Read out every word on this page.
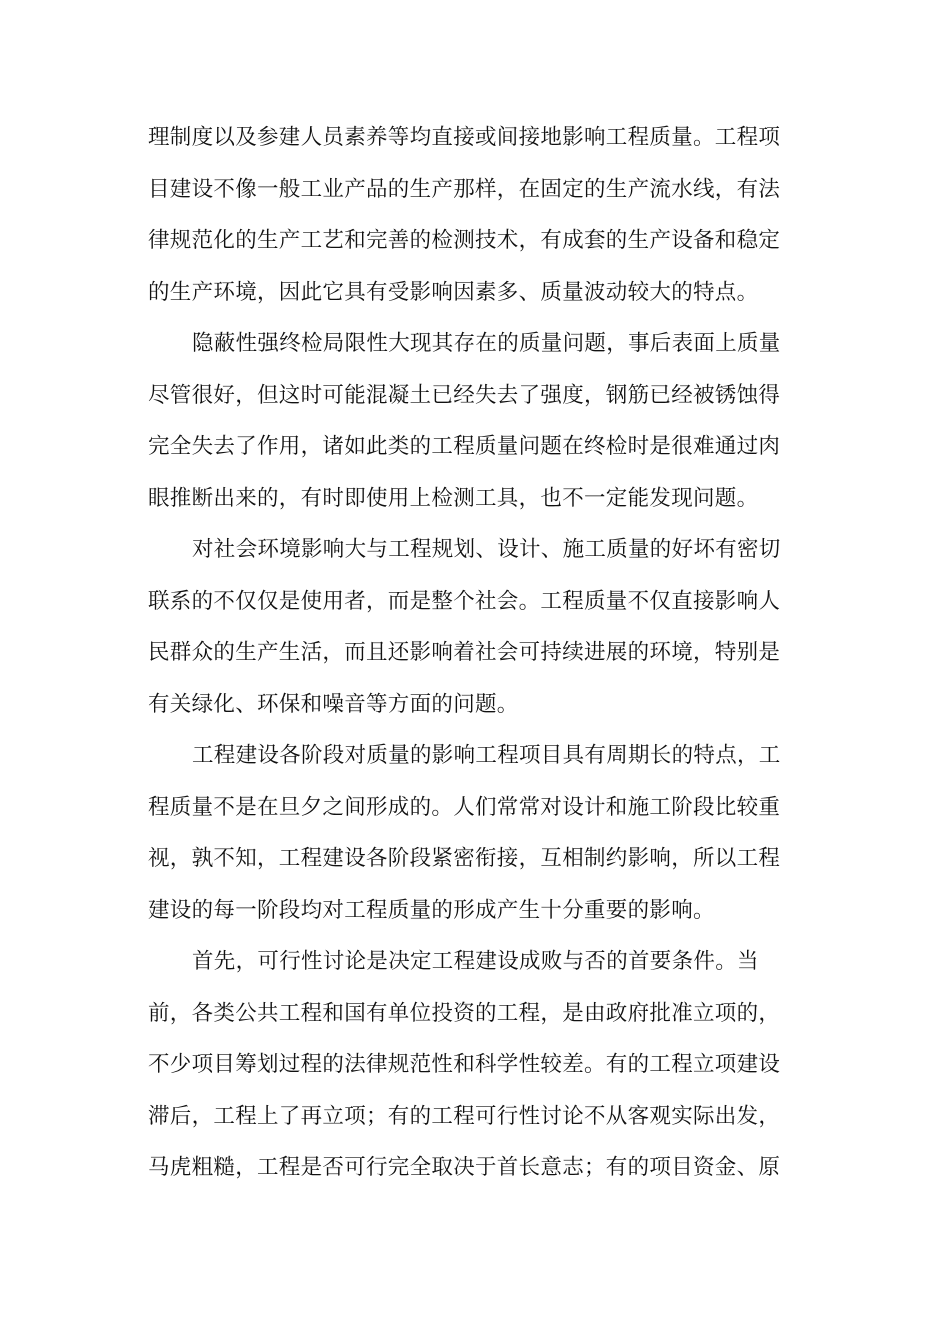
理制度以及参建人员素养等均直接或间接地影响工程质量。工程项
目建设不像一般工业产品的生产那样，在固定的生产流水线，有法
律规范化的生产工艺和完善的检测技术，有成套的生产设备和稳定
的生产环境，因此它具有受影响因素多、质量波动较大的特点。

隐蔽性强终检局限性大现其存在的质量问题，事后表面上质量
尽管很好，但这时可能混凝土已经失去了强度，钢筋已经被锈蚀得
完全失去了作用，诸如此类的工程质量问题在终检时是很难通过肉
眼推断出来的，有时即使用上检测工具，也不一定能发现问题。

对社会环境影响大与工程规划、设计、施工质量的好坏有密切
联系的不仅仅是使用者，而是整个社会。工程质量不仅直接影响人
民群众的生产生活，而且还影响着社会可持续进展的环境，特别是
有关绿化、环保和噪音等方面的问题。

工程建设各阶段对质量的影响工程项目具有周期长的特点，工
程质量不是在旦夕之间形成的。人们常常对设计和施工阶段比较重
视，孰不知，工程建设各阶段紧密衔接，互相制约影响，所以工程
建设的每一阶段均对工程质量的形成产生十分重要的影响。

首先，可行性讨论是决定工程建设成败与否的首要条件。当
前，各类公共工程和国有单位投资的工程，是由政府批准立项的，
不少项目筹划过程的法律规范性和科学性较差。有的工程立项建设
滞后，工程上了再立项；有的工程可行性讨论不从客观实际出发，
马虎粗糙，工程是否可行完全取决于首长意志；有的项目资金、原
